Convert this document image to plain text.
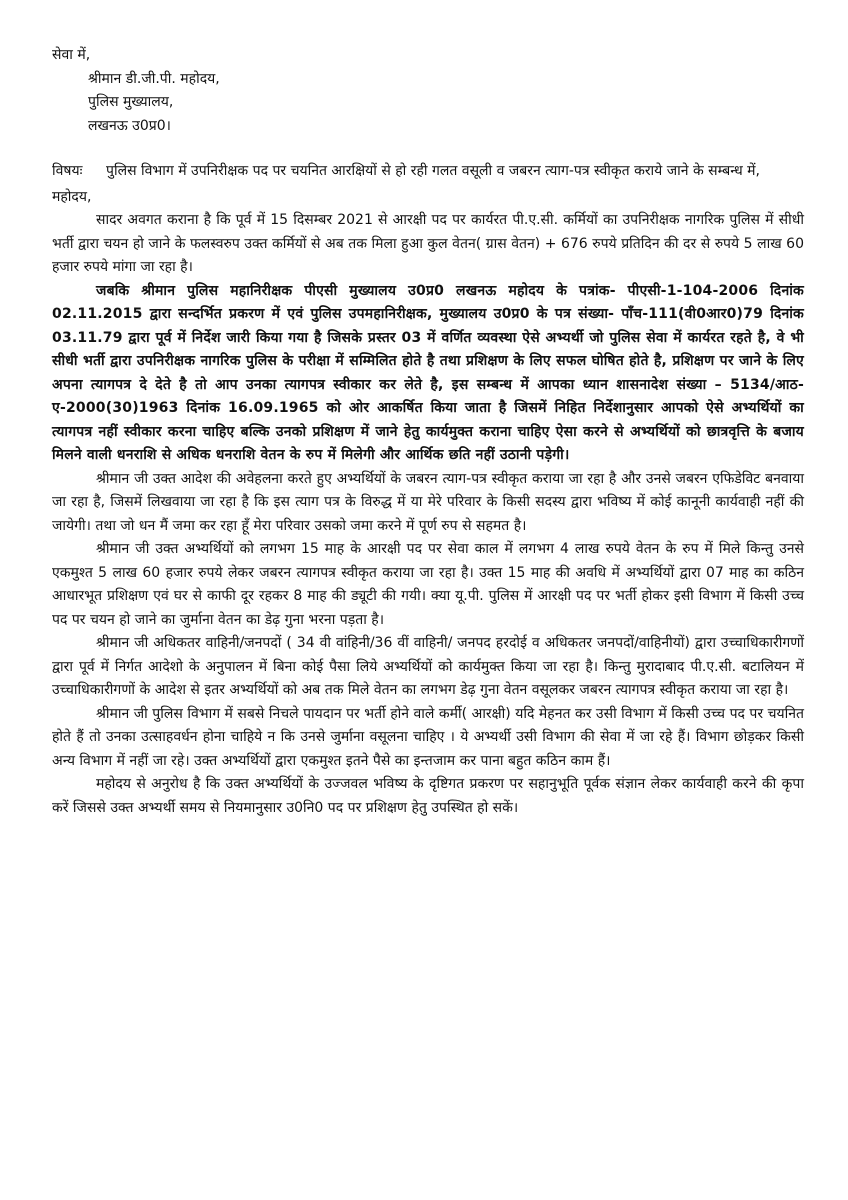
सेवा में,
श्रीमान डी.जी.पी. महोदय,
पुलिस मुख्यालय,
लखनऊ उ0प्र0।
विषयः	पुलिस विभाग में उपनिरीक्षक पद पर चयनित आरक्षियों से हो रही गलत वसूली व जबरन त्याग-पत्र स्वीकृत कराये जाने के सम्बन्ध में,
महोदय,

सादर अवगत कराना है कि पूर्व में 15 दिसम्बर 2021 से आरक्षी पद पर कार्यरत पी.ए.सी. कर्मियों का उपनिरीक्षक नागरिक पुलिस में सीधी भर्ती द्वारा चयन हो जाने के फलस्वरुप उक्त कर्मियों से अब तक मिला हुआ कुल वेतन( ग्रास वेतन) + 676 रुपये प्रतिदिन की दर से रुपये 5 लाख 60 हजार रुपये मांगा जा रहा है।

जबकि श्रीमान पुलिस महानिरीक्षक पीएसी मुख्यालय उ0प्र0 लखनऊ महोदय के पत्रांक- पीएसी-1-104-2006 दिनांक 02.11.2015 द्वारा सन्दर्भित प्रकरण में एवं पुलिस उपमहानिरीक्षक, मुख्यालय उ0प्र0 के पत्र संख्या- पाँच-111(वी0आर0)79 दिनांक 03.11.79 द्वारा पूर्व में निर्देश जारी किया गया है जिसके प्रस्तर 03 में वर्णित व्यवस्था ऐसे अभ्यर्थी जो पुलिस सेवा में कार्यरत रहते है, वे भी सीधी भर्ती द्वारा उपनिरीक्षक नागरिक पुलिस के परीक्षा में सम्मिलित होते है तथा प्रशिक्षण के लिए सफल घोषित होते है, प्रशिक्षण पर जाने के लिए अपना त्यागपत्र दे देते है तो आप उनका त्यागपत्र स्वीकार कर लेते है, इस सम्बन्ध में आपका ध्यान शासनादेश संख्या – 5134/आठ-ए-2000(30)1963 दिनांक 16.09.1965 को ओर आकर्षित किया जाता है जिसमें निहित निर्देशानुसार आपको ऐसे अभ्यर्थियों का त्यागपत्र नहीं स्वीकार करना चाहिए बल्कि उनको प्रशिक्षण में जाने हेतु कार्यमुक्त कराना चाहिए ऐसा करने से अभ्यर्थियों को छात्रवृत्ति के बजाय मिलने वाली धनराशि से अधिक धनराशि वेतन के रुप में मिलेगी और आर्थिक छति नहीं उठानी पड़ेगी।

श्रीमान जी उक्त आदेश की अवेहलना करते हुए अभ्यर्थियों के जबरन त्याग-पत्र स्वीकृत कराया जा रहा है और उनसे जबरन एफिडेविट बनवाया जा रहा है, जिसमें लिखवाया जा रहा है कि इस त्याग पत्र के विरुद्ध में या मेरे परिवार के किसी सदस्य द्वारा भविष्य में कोई कानूनी कार्यवाही नहीं की जायेगी। तथा जो धन मैं जमा कर रहा हूँ मेरा परिवार उसको जमा करने में पूर्ण रुप से सहमत है।

श्रीमान जी उक्त अभ्यर्थियों को लगभग 15 माह के आरक्षी पद पर सेवा काल में लगभग 4 लाख रुपये वेतन के रुप में मिले किन्तु उनसे एकमुश्त 5 लाख 60 हजार रुपये लेकर जबरन त्यागपत्र स्वीकृत कराया जा रहा है। उक्त 15 माह की अवधि में अभ्यर्थियों द्वारा 07 माह का कठिन आधारभूत प्रशिक्षण एवं घर से काफी दूर रहकर 8 माह की ड्यूटी की गयी। क्या यू.पी. पुलिस में आरक्षी पद पर भर्ती होकर इसी विभाग में किसी उच्च पद पर चयन हो जाने का जुर्माना वेतन का डेढ़ गुना भरना पड़ता है।

श्रीमान जी अधिकतर वाहिनी/जनपदों ( 34 वी वांहिनी/36 वीं वाहिनी/ जनपद हरदोई व अधिकतर जनपदों/वाहिनीयों) द्वारा उच्चाधिकारीगणों द्वारा पूर्व में निर्गत आदेशो के अनुपालन में बिना कोई पैसा लिये अभ्यर्थियों को कार्यमुक्त किया जा रहा है। किन्तु मुरादाबाद पी.ए.सी. बटालियन में उच्चाधिकारीगणों के आदेश से इतर अभ्यर्थियों को अब तक मिले वेतन का लगभग डेढ़ गुना वेतन वसूलकर जबरन त्यागपत्र स्वीकृत कराया जा रहा है।

श्रीमान जी पुलिस विभाग में सबसे निचले पायदान पर भर्ती होने वाले कर्मी( आरक्षी) यदि मेहनत कर उसी विभाग में किसी उच्च पद पर चयनित होते हैं तो उनका उत्साहवर्धन होना चाहिये न कि उनसे जुर्माना वसूलना चाहिए । ये अभ्यर्थी उसी विभाग की सेवा में जा रहे हैं। विभाग छोड़कर किसी अन्य विभाग में नहीं जा रहे। उक्त अभ्यर्थियों द्वारा एकमुश्त इतने पैसे का इन्तजाम कर पाना बहुत कठिन काम हैं।

महोदय से अनुरोध है कि उक्त अभ्यर्थियों के उज्जवल भविष्य के दृष्टिगत प्रकरण पर सहानुभूति पूर्वक संज्ञान लेकर कार्यवाही करने की कृपा करें जिससे उक्त अभ्यर्थी समय से नियमानुसार उ0नि0 पद पर प्रशिक्षण हेतु उपस्थित हो सकें।
